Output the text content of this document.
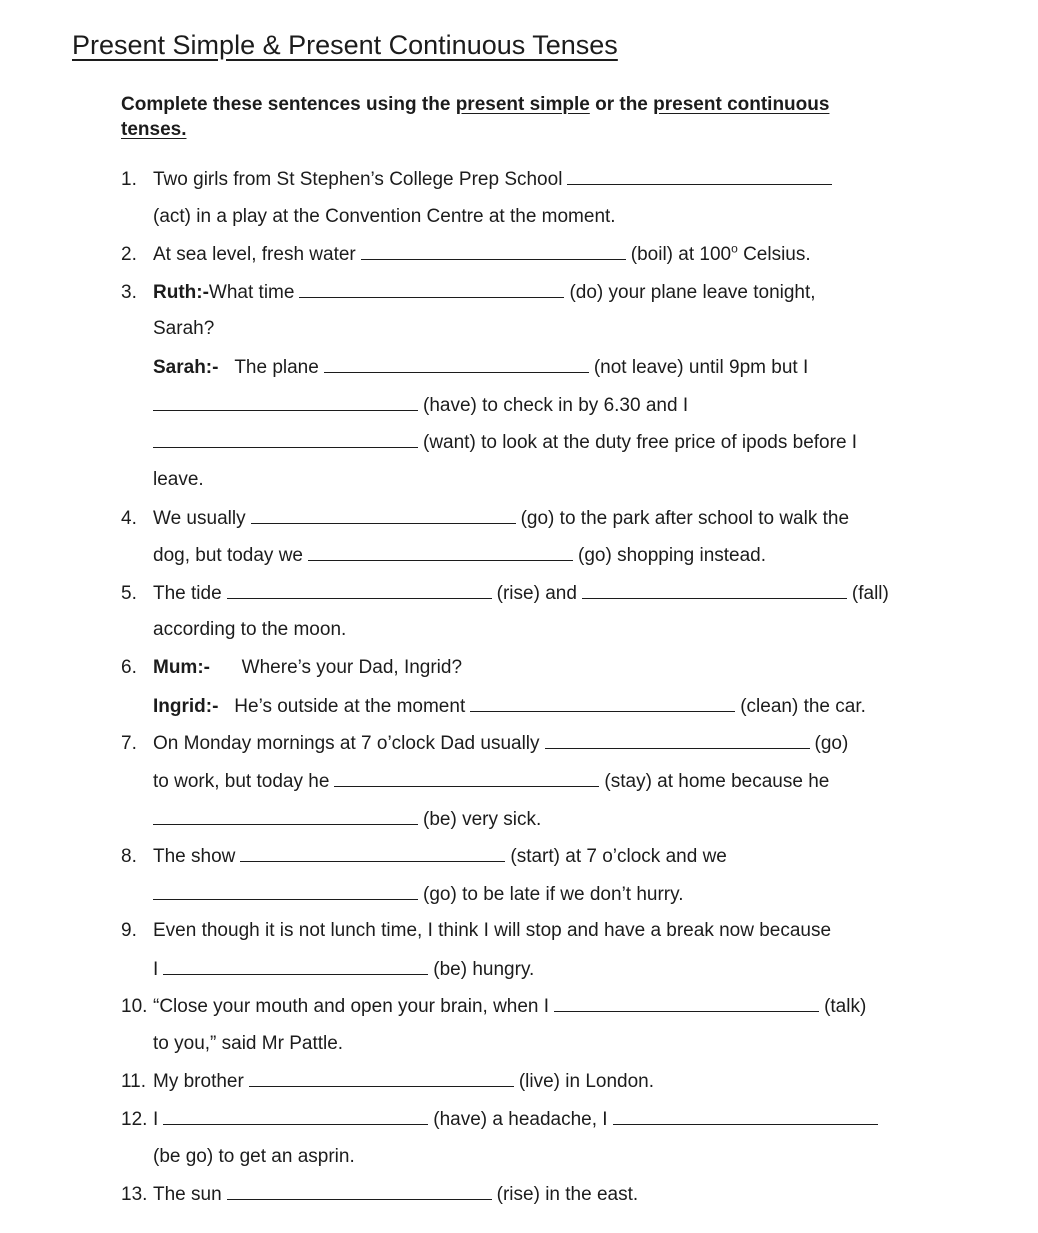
Present Simple & Present Continuous Tenses
Complete these sentences using the present simple or the present continuous
tenses.
1. Two girls from St Stephen’s College Prep School
(act) in a play at the Convention Centre at the moment.
2. At sea level, fresh water	(boil) at 100$^o$ Celsius.
3. Ruth:-What time	(do) your plane leave tonight,
Sarah?
Sarah:- The plane	(not leave) until 9pm but I
(have) to check in by 6.30 and I
(want) to look at the duty free price of ipods before I
leave.
4. We usually	(go) to the park after school to walk the
dog, but today we	(go) shopping instead.
5. The tide	(rise) and	(fall)
according to the moon.
6. Mum:- Where’s your Dad, Ingrid?
Ingrid:- He’s outside at the moment	(clean) the car.
7. On Monday mornings at 7 o’clock Dad usually	(go)
to work, but today he	(stay) at home because he
(be) very sick.
8. The show	(start) at 7 o’clock and we
(go) to be late if we don’t hurry.
9. Even though it is not lunch time, I think I will stop and have a break now because
I	(be) hungry.
10. “Close your mouth and open your brain, when I	(talk)
to you,” said Mr Pattle.
11. My brother	(live) in London.
12. I	(have) a headache, I
(be go) to get an asprin.
13. The sun	(rise) in the east.
